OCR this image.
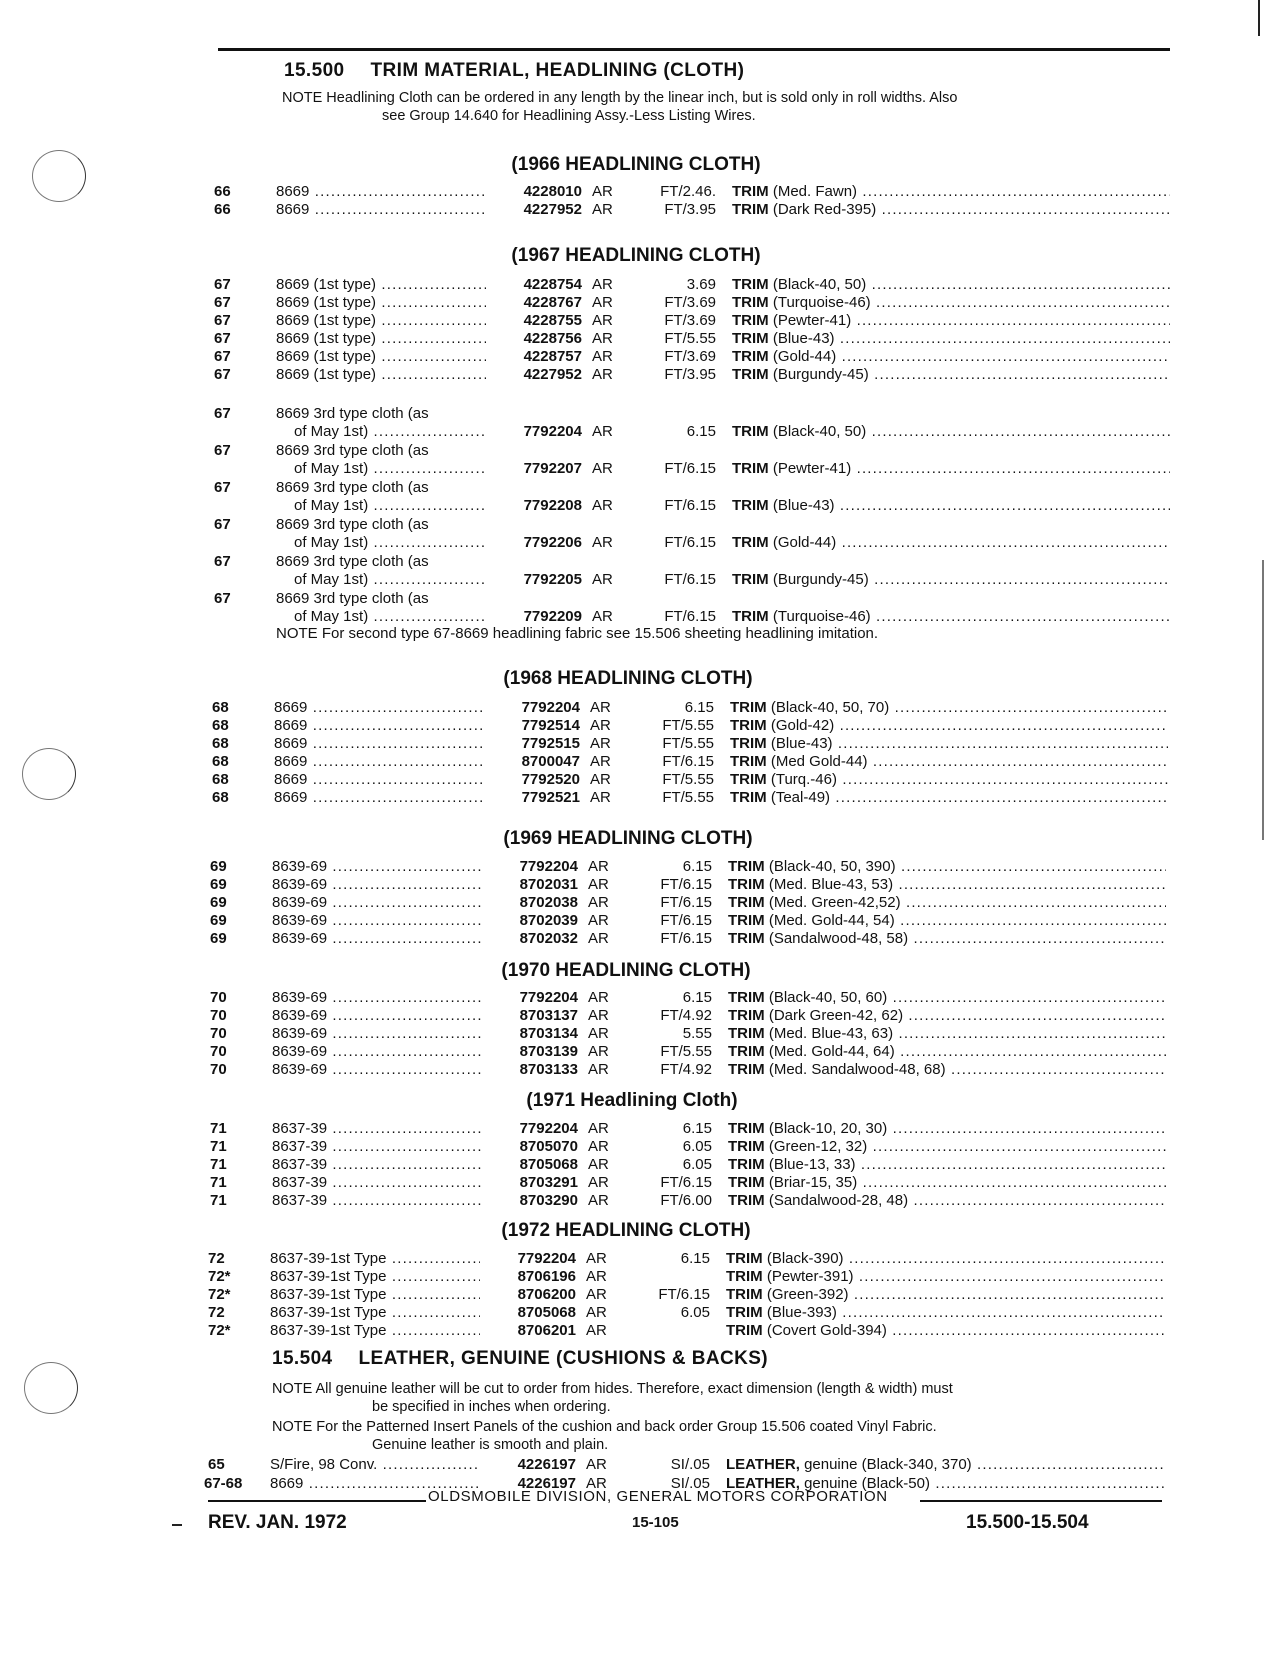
15.500 TRIM MATERIAL, HEADLINING (CLOTH)
NOTE Headlining Cloth can be ordered in any length by the linear inch, but is sold only in roll widths. Also
see Group 14.640 for Headlining Assy.-Less Listing Wires.
(1966 HEADLINING CLOTH)
66	8669 .....	4228010 AR	FT/2.46. TRIM (Med. Fawn) .....
66	8669 .....	4227952 AR	FT/3.95 TRIM (Dark Red-395) .....
(1967 HEADLINING CLOTH)
67	8669 (1st type) .....	4228754 AR	3.69 TRIM (Black-40, 50) .....
67	8669 (1st type) .....	4228767 AR	FT/3.69 TRIM (Turquoise-46) .....
67	8669 (1st type) .....	4228755 AR	FT/3.69 TRIM (Pewter-41) .....
67	8669 (1st type) .....	4228756 AR	FT/5.55 TRIM (Blue-43) .....
67	8669 (1st type) .....	4228757 AR	FT/3.69 TRIM (Gold-44) .....
67	8669 (1st type) .....	4227952 AR	FT/3.95 TRIM (Burgundy-45) .....
67	8669 3rd type cloth (as
of May 1st) .....	7792204 AR	6.15 TRIM (Black-40, 50) .....
67	8669 3rd type cloth (as
of May 1st) .....	7792207 AR	FT/6.15 TRIM (Pewter-41) .....
67	8669 3rd type cloth (as
of May 1st) .....	7792208 AR	FT/6.15 TRIM (Blue-43) .....
67	8669 3rd type cloth (as
of May 1st) .....	7792206 AR	FT/6.15 TRIM (Gold-44) .....
67	8669 3rd type cloth (as
of May 1st) .....	7792205 AR	FT/6.15 TRIM (Burgundy-45) .....
67	8669 3rd type cloth (as
of May 1st) .....	7792209 AR	FT/6.15 TRIM (Turquoise-46) .....
NOTE For second type 67-8669 headlining fabric see 15.506 sheeting headlining imitation.
(1968 HEADLINING CLOTH)
68	8669 .....	7792204 AR	6.15 TRIM (Black-40, 50, 70) .....
68	8669 .....	7792514 AR	FT/5.55 TRIM (Gold-42) .....
68	8669 .....	7792515 AR	FT/5.55 TRIM (Blue-43) .....
68	8669 .....	8700047 AR	FT/6.15 TRIM (Med Gold-44) .....
68	8669 .....	7792520 AR	FT/5.55 TRIM (Turq.-46) .....
68	8669 .....	7792521 AR	FT/5.55 TRIM (Teal-49) .....
(1969 HEADLINING CLOTH)
69	8639-69 .....	7792204 AR	6.15 TRIM (Black-40, 50, 390) .....
69	8639-69 .....	8702031 AR	FT/6.15 TRIM (Med. Blue-43, 53) .....
69	8639-69 .....	8702038 AR	FT/6.15 TRIM (Med. Green-42,52) .....
69	8639-69 .....	8702039 AR	FT/6.15 TRIM (Med. Gold-44, 54) .....
69	8639-69 .....	8702032 AR	FT/6.15 TRIM (Sandalwood-48, 58) .....
(1970 HEADLINING CLOTH)
70	8639-69 .....	7792204 AR	6.15 TRIM (Black-40, 50, 60) .....
70	8639-69 .....	8703137 AR	FT/4.92 TRIM (Dark Green-42, 62) .....
70	8639-69 .....	8703134 AR	5.55 TRIM (Med. Blue-43, 63) .....
70	8639-69 .....	8703139 AR	FT/5.55 TRIM (Med. Gold-44, 64) .....
70	8639-69 .....	8703133 AR	FT/4.92 TRIM (Med. Sandalwood-48, 68) .....
(1971 Headlining Cloth)
71	8637-39 .....	7792204 AR	6.15 TRIM (Black-10, 20, 30) .....
71	8637-39 .....	8705070 AR	6.05 TRIM (Green-12, 32) .....
71	8637-39 .....	8705068 AR	6.05 TRIM (Blue-13, 33) .....
71	8637-39 .....	8703291 AR	FT/6.15 TRIM (Briar-15, 35) .....
71	8637-39 .....	8703290 AR	FT/6.00 TRIM (Sandalwood-28, 48) .....
(1972 HEADLINING CLOTH)
72	8637-39-1st Type .....	7792204 AR	6.15 TRIM (Black-390) .....
72*	8637-39-1st Type .....	8706196 AR	TRIM (Pewter-391) .....
72*	8637-39-1st Type .....	8706200 AR	FT/6.15 TRIM (Green-392) .....
72	8637-39-1st Type .....	8705068 AR	6.05 TRIM (Blue-393) .....
72*	8637-39-1st Type .....	8706201 AR	TRIM (Covert Gold-394) .....
15.504 LEATHER, GENUINE (CUSHIONS & BACKS)
NOTE All genuine leather will be cut to order from hides. Therefore, exact dimension (length & width) must
be specified in inches when ordering.
NOTE For the Patterned Insert Panels of the cushion and back order Group 15.506 coated Vinyl Fabric.
Genuine leather is smooth and plain.
65	S/Fire, 98 Conv. .....	4226197 AR	SI/.05 LEATHER, genuine (Black-340, 370) .....
67-68 8669 .....	4226197 AR	SI/.05 LEATHER, genuine (Black-50) .....
OLDSMOBILE DIVISION, GENERAL MOTORS CORPORATION
REV. JAN. 1972	15-105	15.500-15.504
